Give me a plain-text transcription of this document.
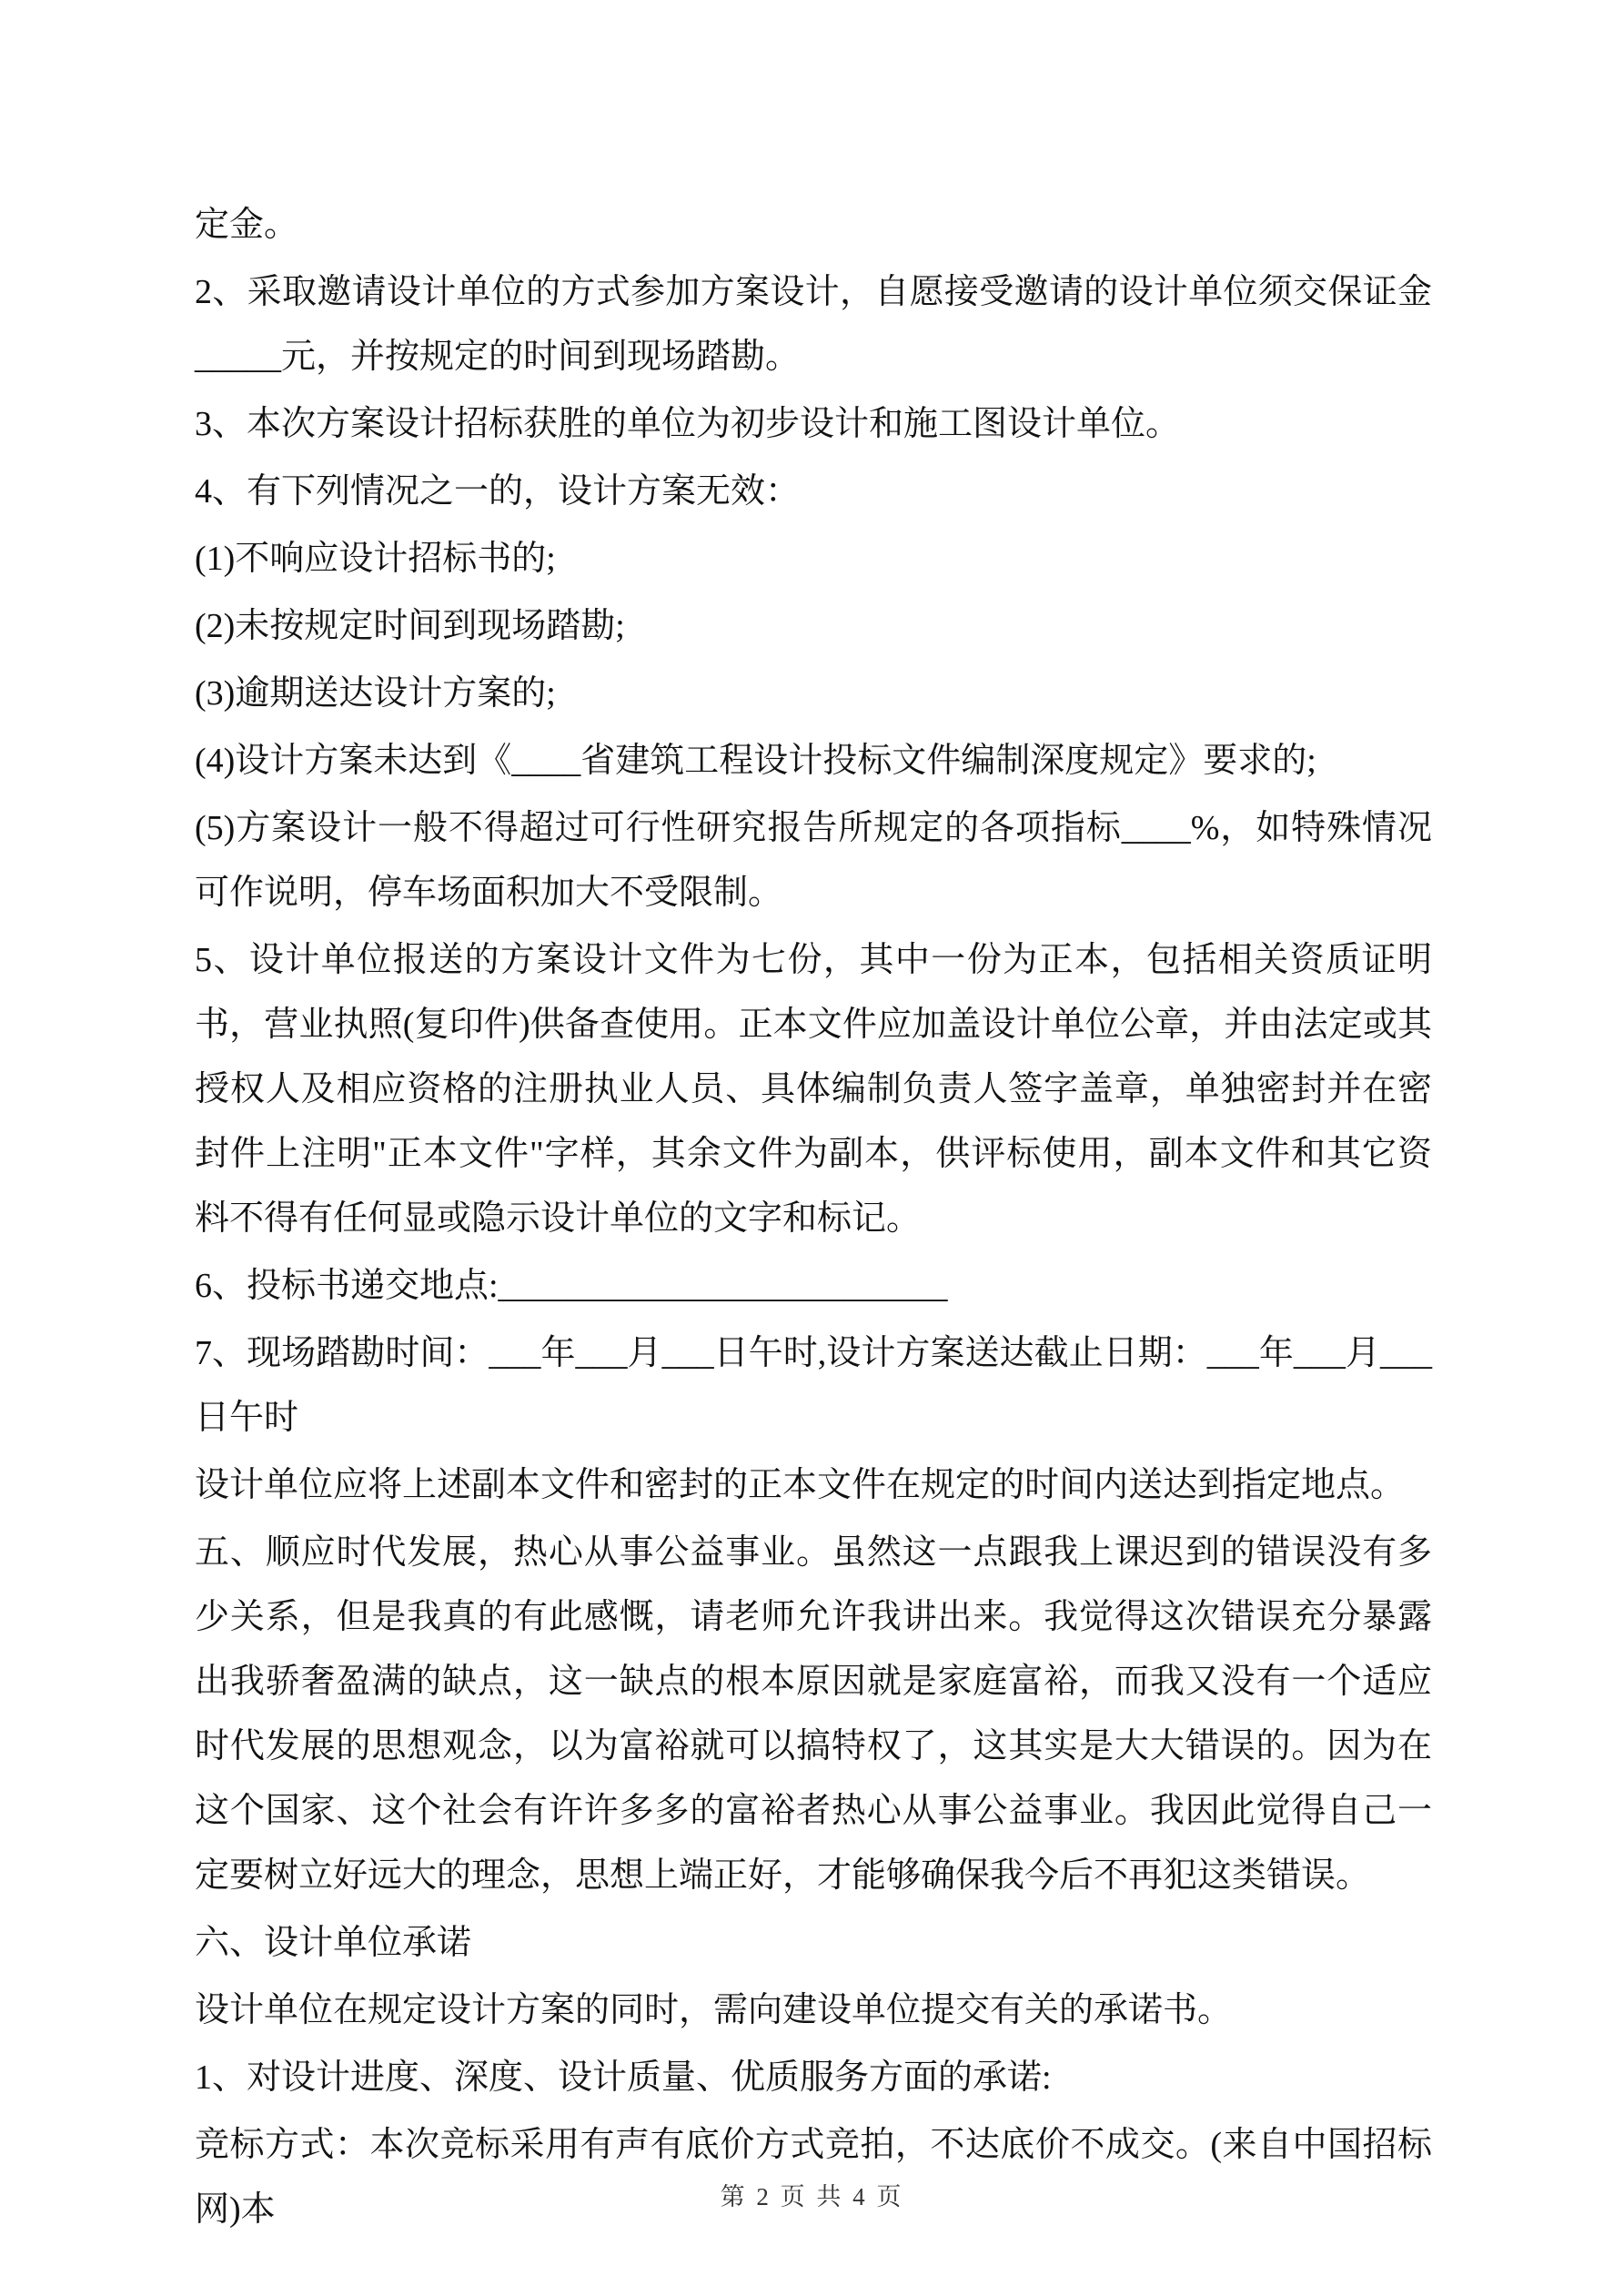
定金。

2、采取邀请设计单位的方式参加方案设计，自愿接受邀请的设计单位须交保证金_____元，并按规定的时间到现场踏勘。

3、本次方案设计招标获胜的单位为初步设计和施工图设计单位。

4、有下列情况之一的，设计方案无效：

(1)不响应设计招标书的;

(2)未按规定时间到现场踏勘;

(3)逾期送达设计方案的;

(4)设计方案未达到《____省建筑工程设计投标文件编制深度规定》要求的;

(5)方案设计一般不得超过可行性研究报告所规定的各项指标____%，如特殊情况可作说明，停车场面积加大不受限制。

5、设计单位报送的方案设计文件为七份，其中一份为正本，包括相关资质证明书，营业执照(复印件)供备查使用。正本文件应加盖设计单位公章，并由法定或其授权人及相应资格的注册执业人员、具体编制负责人签字盖章，单独密封并在密封件上注明"正本文件"字样，其余文件为副本，供评标使用，副本文件和其它资料不得有任何显或隐示设计单位的文字和标记。

6、投标书递交地点:__________________________

7、现场踏勘时间：___年___月___日午时,设计方案送达截止日期：___年___月___日午时

设计单位应将上述副本文件和密封的正本文件在规定的时间内送达到指定地点。

五、顺应时代发展，热心从事公益事业。虽然这一点跟我上课迟到的错误没有多少关系，但是我真的有此感慨，请老师允许我讲出来。我觉得这次错误充分暴露出我骄奢盈满的缺点，这一缺点的根本原因就是家庭富裕，而我又没有一个适应时代发展的思想观念，以为富裕就可以搞特权了，这其实是大大错误的。因为在这个国家、这个社会有许许多多的富裕者热心从事公益事业。我因此觉得自己一定要树立好远大的理念，思想上端正好，才能够确保我今后不再犯这类错误。

六、设计单位承诺

设计单位在规定设计方案的同时，需向建设单位提交有关的承诺书。

1、对设计进度、深度、设计质量、优质服务方面的承诺:

竞标方式：本次竞标采用有声有底价方式竞拍，不达底价不成交。(来自中国招标网)本	第 2 页 共 4 页
